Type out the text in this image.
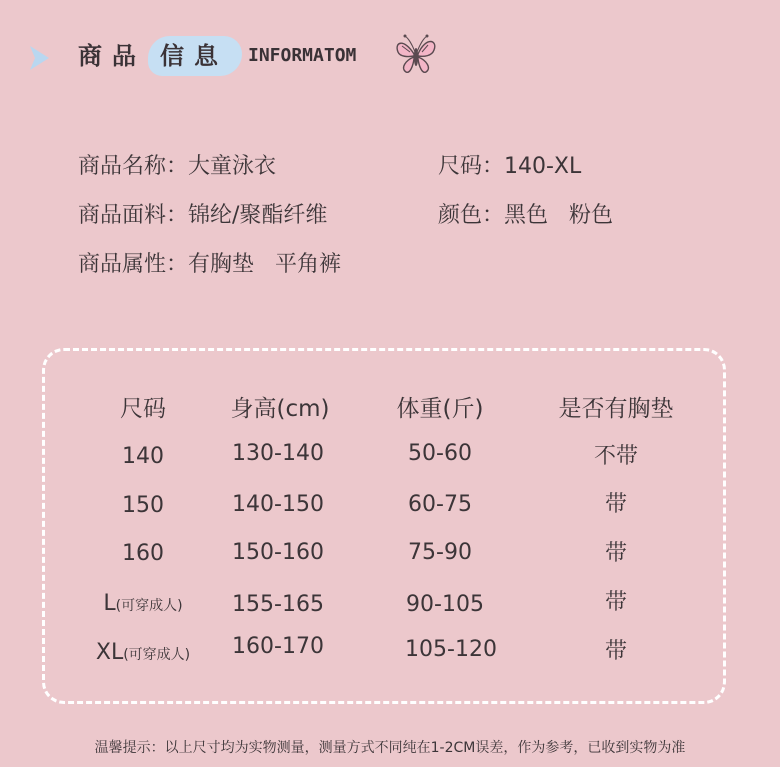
商品 信息 INFORMATOM
商品名称：大童泳衣
商品面料：锦纶/聚酯纤维
商品属性：有胸垫   平角裤
尺码：140-XL
颜色：黑色   粉色
尺码	身高(cm)	体重(斤)	是否有胸垫
140	130-140	50-60	不带
150	140-150	60-75	带
160	150-160	75-90	带
L(可穿成人) 155-165	90-105	带
XL(可穿成人) 160-170	105-120	带
温馨提示：以上尺寸均为实物测量，测量方式不同纯在1-2CM误差，作为参考，已收到实物为准
